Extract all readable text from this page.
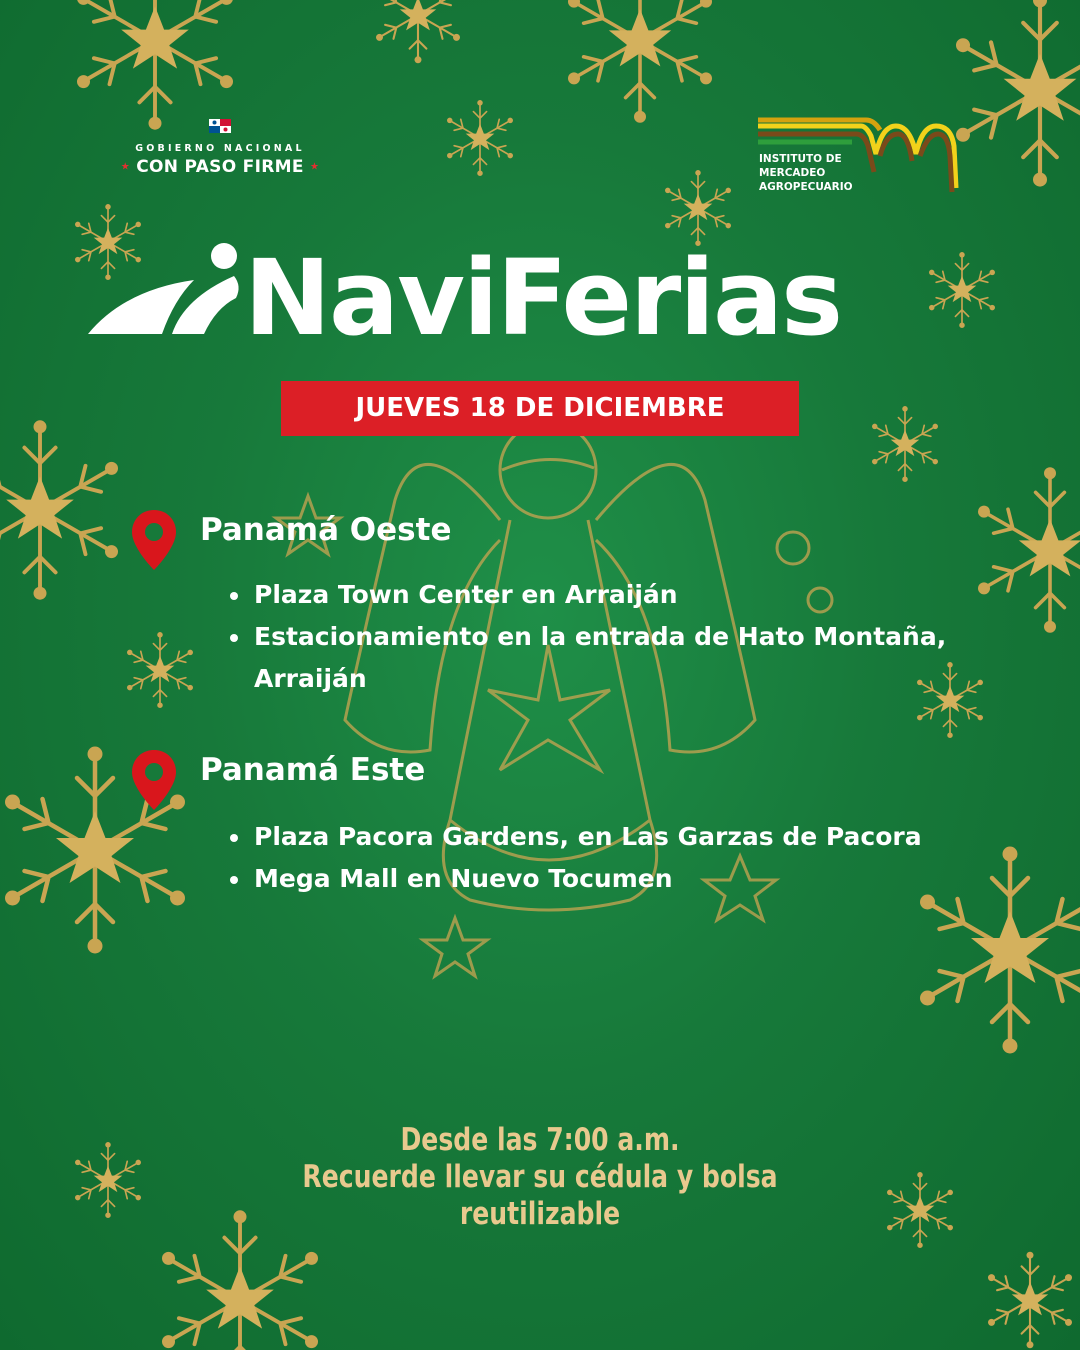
GOBIERNO NACIONAL
★ CON PASO FIRME ★
INSTITUTO DE
MERCADEO
AGROPECUARIO
NaviFerias
JUEVES 18 DE DICIEMBRE
Panamá Oeste
• Plaza Town Center en Arraiján
• Estacionamiento en la entrada de Hato Montaña, Arraiján
Panamá Este
• Plaza Pacora Gardens, en Las Garzas de Pacora
• Mega Mall en Nuevo Tocumen
Desde las 7:00 a.m.
Recuerde llevar su cédula y bolsa
reutilizable
